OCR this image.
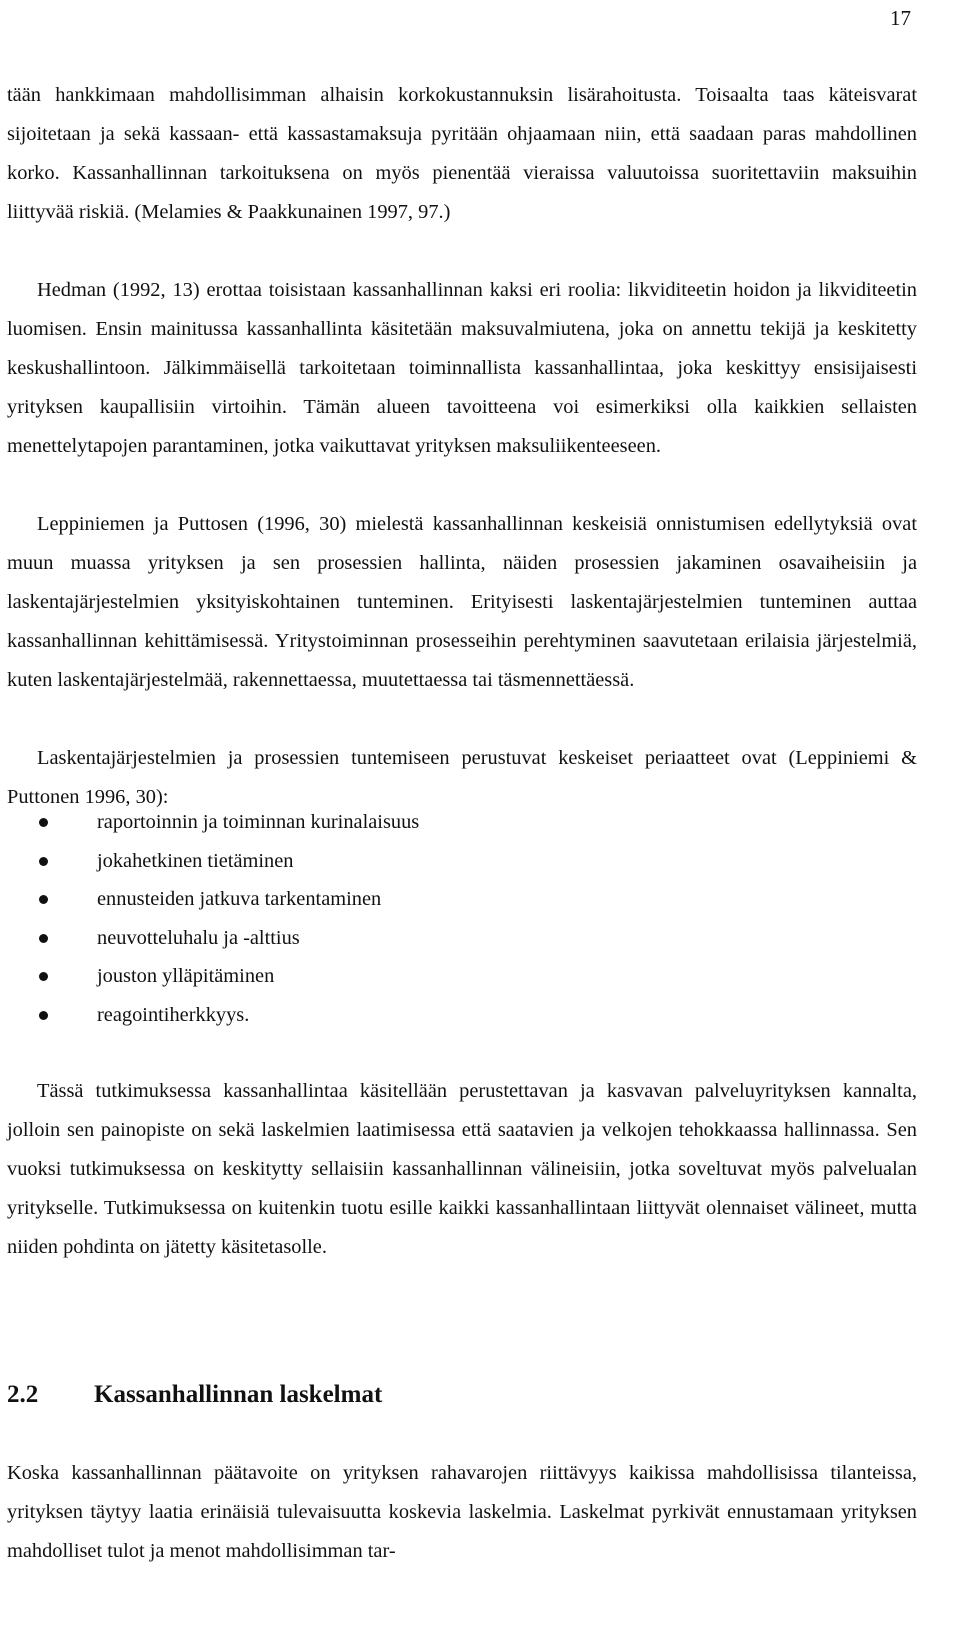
17

tään hankkimaan mahdollisimman alhaisin korkokustannuksin lisärahoitusta. Toisaalta taas käteisvarat sijoitetaan ja sekä kassaan- että kassastamaksuja pyritään ohjaamaan niin, että saadaan paras mahdollinen korko. Kassanhallinnan tarkoituksena on myös pienentää vieraissa valuutoissa suoritettaviin maksuihin liittyvää riskiä. (Melamies & Paakkunainen 1997, 97.)

Hedman (1992, 13) erottaa toisistaan kassanhallinnan kaksi eri roolia: likviditeetin hoidon ja likviditeetin luomisen. Ensin mainitussa kassanhallinta käsitetään maksuvalmiutena, joka on annettu tekijä ja keskitetty keskushallintoon. Jälkimmäisellä tarkoitetaan toiminnallista kassanhallintaa, joka keskittyy ensisijaisesti yrityksen kaupallisiin virtoihin. Tämän alueen tavoitteena voi esimerkiksi olla kaikkien sellaisten menettelytapojen parantaminen, jotka vaikuttavat yrityksen maksuliikenteeseen.

Leppiniemen ja Puttosen (1996, 30) mielestä kassanhallinnan keskeisiä onnistumisen edellytyksiä ovat muun muassa yrityksen ja sen prosessien hallinta, näiden prosessien jakaminen osavaiheisiin ja laskentajärjestelmien yksityiskohtainen tunteminen. Erityisesti laskentajärjestelmien tunteminen auttaa kassanhallinnan kehittämisessä. Yritystoiminnan prosesseihin perehtyminen saavutetaan erilaisia järjestelmiä, kuten laskentajärjestelmää, rakennettaessa, muutettaessa tai täsmennettäessä.

Laskentajärjestelmien ja prosessien tuntemiseen perustuvat keskeiset periaatteet ovat (Leppiniemi & Puttonen 1996, 30):

raportoinnin ja toiminnan kurinalaisuus
jokahetkinen tietäminen
ennusteiden jatkuva tarkentaminen
neuvotteluhalu ja -alttius
jouston ylläpitäminen
reagointiherkkyys.

Tässä tutkimuksessa kassanhallintaa käsitellään perustettavan ja kasvavan palveluyrityksen kannalta, jolloin sen painopiste on sekä laskelmien laatimisessa että saatavien ja velkojen tehokkaassa hallinnassa. Sen vuoksi tutkimuksessa on keskitytty sellaisiin kassanhallinnan välineisiin, jotka soveltuvat myös palvelualan yritykselle. Tutkimuksessa on kuitenkin tuotu esille kaikki kassanhallintaan liittyvät olennaiset välineet, mutta niiden pohdinta on jätetty käsitetasolle.

2.2 Kassanhallinnan laskelmat

Koska kassanhallinnan päätavoite on yrityksen rahavarojen riittävyys kaikissa mahdollisissa tilanteissa, yrityksen täytyy laatia erinäisiä tulevaisuutta koskevia laskelmia. Laskelmat pyrkivät ennustamaan yrityksen mahdolliset tulot ja menot mahdollisimman tar-
